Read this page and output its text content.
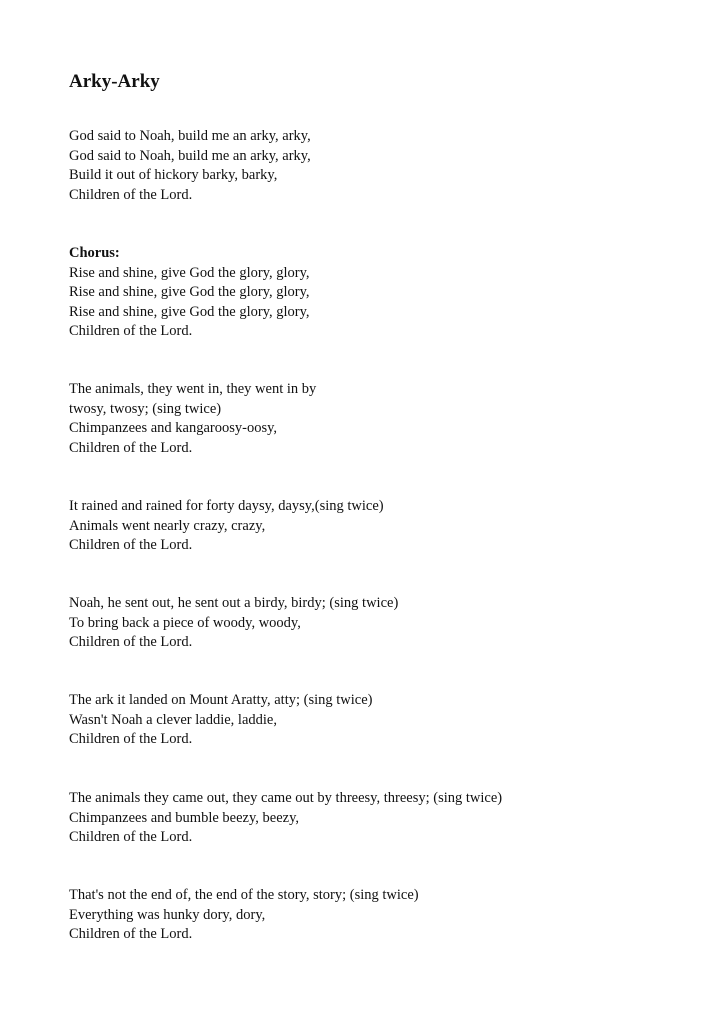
Arky-Arky
God said to Noah, build me an arky, arky,
God said to Noah, build me an arky, arky,
Build it out of hickory barky, barky,
Children of the Lord.
Chorus:
Rise and shine, give God the glory, glory,
Rise and shine, give God the glory, glory,
Rise and shine, give God the glory, glory,
Children of the Lord.
The animals, they went in, they went in by
twosy, twosy; (sing twice)
Chimpanzees and kangaroosy-oosy,
Children of the Lord.
It rained and rained for forty daysy, daysy,(sing twice)
Animals went nearly crazy, crazy,
Children of the Lord.
Noah, he sent out, he sent out a birdy, birdy; (sing twice)
To bring back a piece of woody, woody,
Children of the Lord.
The ark it landed on Mount Aratty, atty; (sing twice)
Wasn't Noah a clever laddie, laddie,
Children of the Lord.
The animals they came out, they came out by threesy, threesy; (sing twice)
Chimpanzees and bumble beezy, beezy,
Children of the Lord.
That's not the end of, the end of the story, story; (sing twice)
Everything was hunky dory, dory,
Children of the Lord.
